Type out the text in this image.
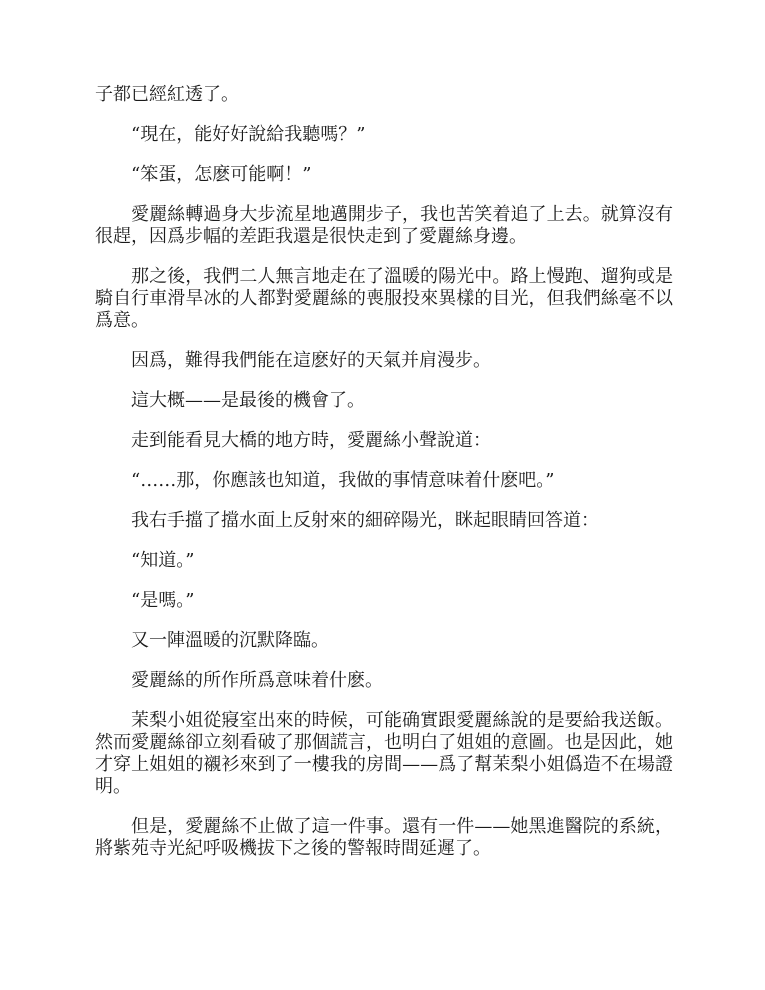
子都已經紅透了。

“現在，能好好說給我聽嗎？”

“笨蛋，怎麽可能啊！”

愛麗絲轉過身大步流星地邁開步子，我也苦笑着追了上去。就算沒有很趕，因爲步幅的差距我還是很快走到了愛麗絲身邊。

那之後，我們二人無言地走在了溫暖的陽光中。路上慢跑、遛狗或是騎自行車滑旱冰的人都對愛麗絲的喪服投來異樣的目光，但我們絲毫不以爲意。

因爲，難得我們能在這麽好的天氣并肩漫步。

這大概——是最後的機會了。

走到能看見大橋的地方時，愛麗絲小聲說道：

“……那，你應該也知道，我做的事情意味着什麽吧。”

我右手擋了擋水面上反射來的細碎陽光，眯起眼睛回答道：

“知道。”

“是嗎。”

又一陣溫暖的沉默降臨。

愛麗絲的所作所爲意味着什麽。

茉梨小姐從寢室出來的時候，可能确實跟愛麗絲說的是要給我送飯。然而愛麗絲卻立刻看破了那個謊言，也明白了姐姐的意圖。也是因此，她才穿上姐姐的襯衫來到了一樓我的房間——爲了幫茉梨小姐僞造不在場證明。

但是，愛麗絲不止做了這一件事。還有一件——她黑進醫院的系統，將紫苑寺光紀呼吸機拔下之後的警報時間延遲了。
